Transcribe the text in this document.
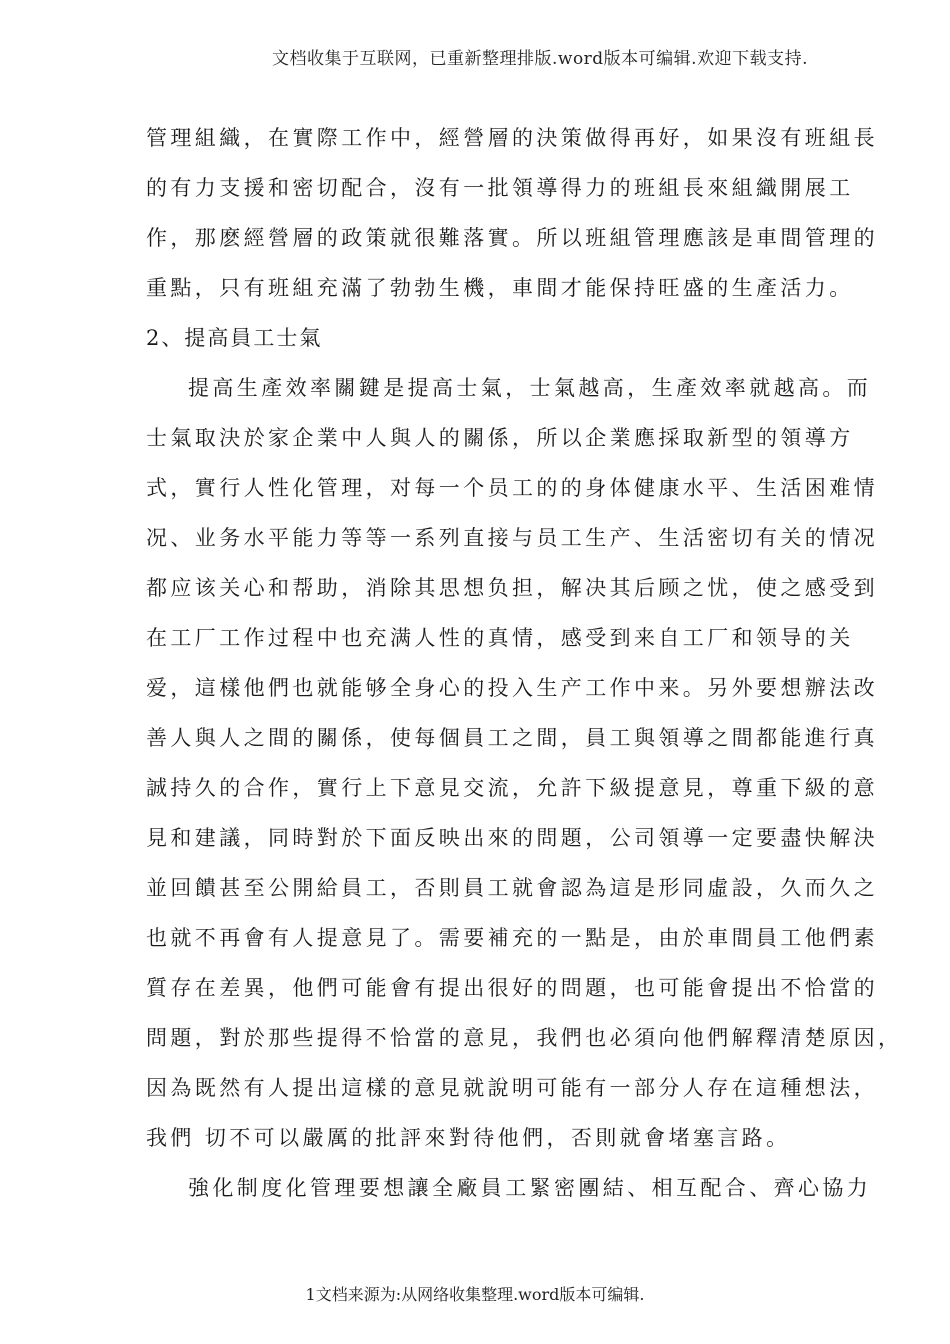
文档收集于互联网，已重新整理排版.word版本可编辑.欢迎下载支持.
管理組織，在實際工作中，經營層的決策做得再好，如果沒有班組長
的有力支援和密切配合，沒有一批領導得力的班組長來組織開展工
作，那麽經營層的政策就很難落實。所以班組管理應該是車間管理的
重點，只有班組充滿了勃勃生機，車間才能保持旺盛的生產活力。
2、提高員工士氣
提高生產效率關鍵是提高士氣，士氣越高，生產效率就越高。而
士氣取決於家企業中人與人的關係，所以企業應採取新型的領導方
式，實行人性化管理，对每一个员工的的身体健康水平、生活困难情
况、业务水平能力等等一系列直接与员工生产、生活密切有关的情况
都应该关心和帮助，消除其思想负担，解决其后顾之忧，使之感受到
在工厂工作过程中也充满人性的真情，感受到来自工厂和领导的关
爱，這樣他們也就能够全身心的投入生产工作中来。另外要想辦法改
善人與人之間的關係，使每個員工之間，員工與領導之間都能進行真
誠持久的合作，實行上下意見交流，允許下級提意見，尊重下級的意
見和建議，同時對於下面反映出來的問題，公司領導一定要盡快解決
並回饋甚至公開給員工，否則員工就會認為這是形同虛設，久而久之
也就不再會有人提意見了。需要補充的一點是，由於車間員工他們素
質存在差異，他們可能會有提出很好的問題，也可能會提出不恰當的
問題，對於那些提得不恰當的意見，我們也必須向他們解釋清楚原因，
因為既然有人提出這樣的意見就說明可能有一部分人存在這種想法，
我們 切不可以嚴厲的批評來對待他們，否則就會堵塞言路。
強化制度化管理要想讓全廠員工緊密團結、相互配合、齊心協力
1文档来源为:从网络收集整理.word版本可编辑.
